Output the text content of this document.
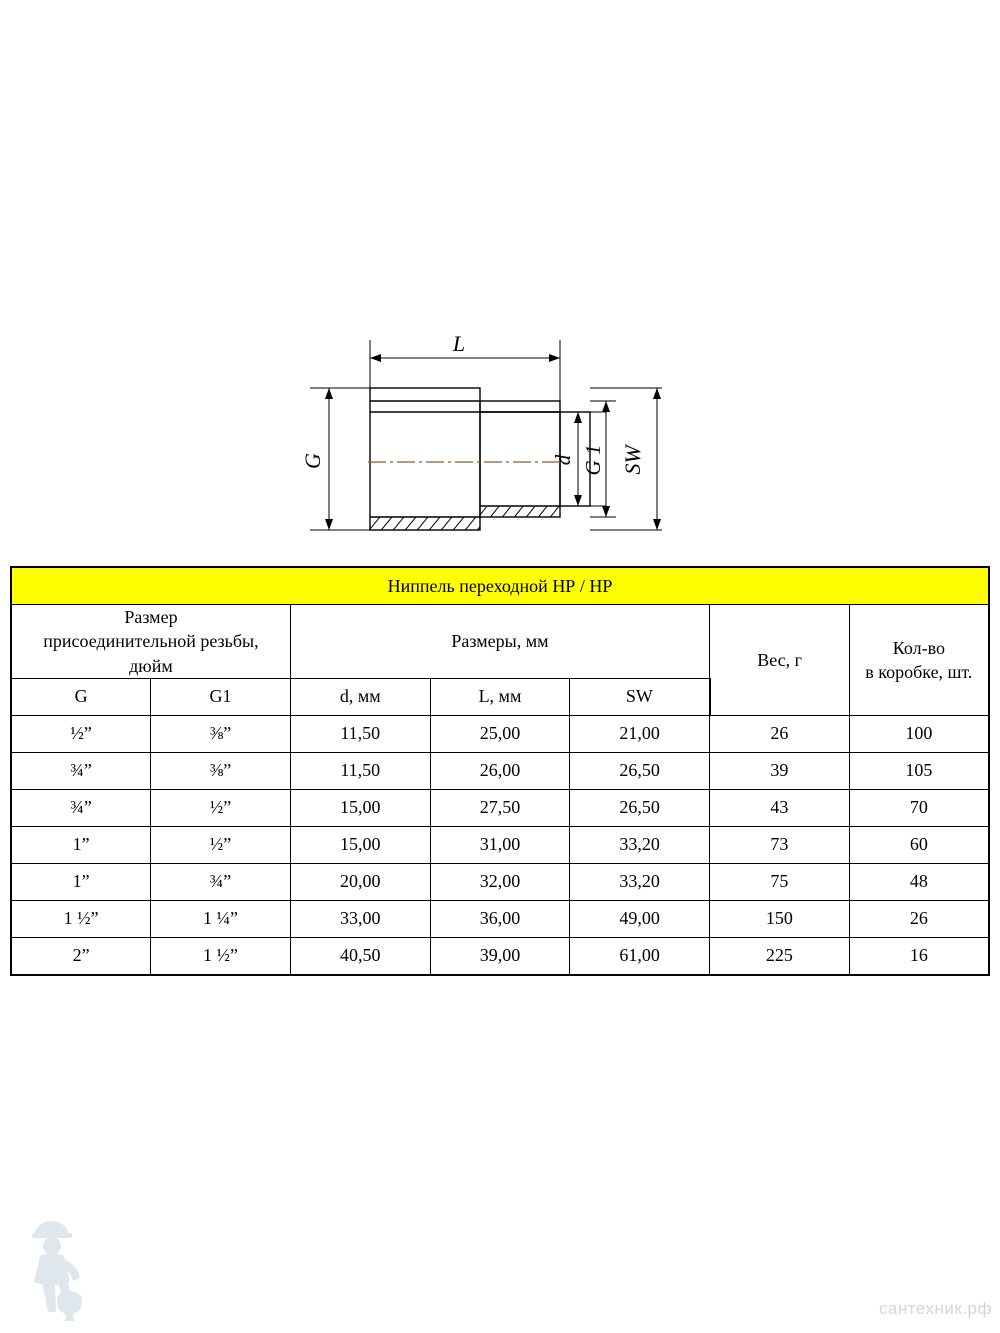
L
G	d G 1 SW
Ниппель переходной НР / НР						
Размер
присоединительной резьбы,
дюйм		Размеры, мм			Вес, г	Кол-во
в коробке, шт.
G	G1	d, мм	L, мм	SW		
½”	⅜”	11,50	25,00	21,00	26	100
¾”	⅜”	11,50	26,00	26,50	39	105
¾”	½”	15,00	27,50	26,50	43	70
1”	½”	15,00	31,00	33,20	73	60
1”	¾”	20,00	32,00	33,20	75	48
1 ½”	1 ¼”	33,00	36,00	49,00	150	26
2”	1 ½”	40,50	39,00	61,00	225	16
сантехник.рф
